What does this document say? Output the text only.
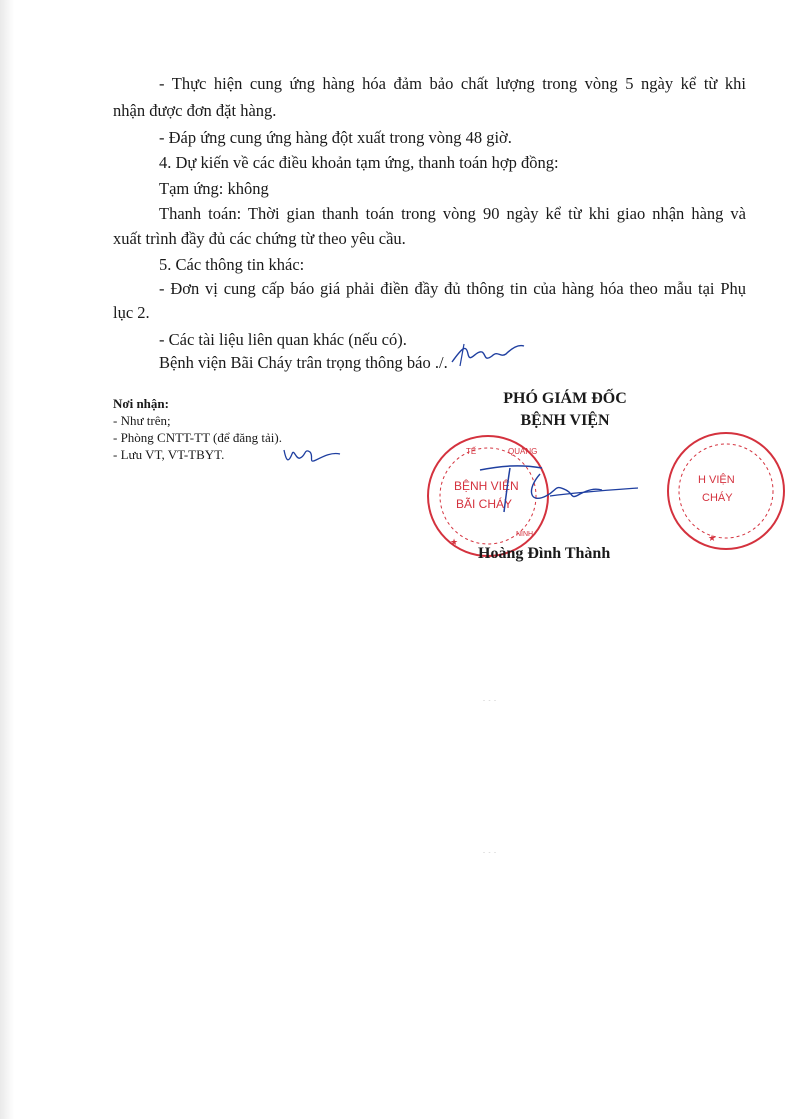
- Thực hiện cung ứng hàng hóa đảm bảo chất lượng trong vòng 5 ngày kể từ khi
nhận được đơn đặt hàng.
- Đáp ứng cung ứng hàng đột xuất trong vòng 48 giờ.
4. Dự kiến về các điều khoản tạm ứng, thanh toán hợp đồng:
Tạm ứng: không
Thanh toán: Thời gian thanh toán trong vòng 90 ngày kể từ khi giao nhận hàng và
xuất trình đầy đủ các chứng từ theo yêu cầu.
5. Các thông tin khác:
- Đơn vị cung cấp báo giá phải điền đầy đủ thông tin của hàng hóa theo mẫu tại Phụ
lục 2.
- Các tài liệu liên quan khác (nếu có).
Bệnh viện Bãi Cháy trân trọng thông báo ./.
Nơi nhận:
- Như trên;
- Phòng CNTT-TT (để đăng tải).
- Lưu VT, VT-TBYT.
PHÓ GIÁM ĐỐC
BỆNH VIỆN
TẾ	QUẢNG
NINH
BỆNH VIỆN
BÃI CHÁY
★
H VIỆN
CHÁY
★
Hoàng Đình Thành
- - -
- - -
